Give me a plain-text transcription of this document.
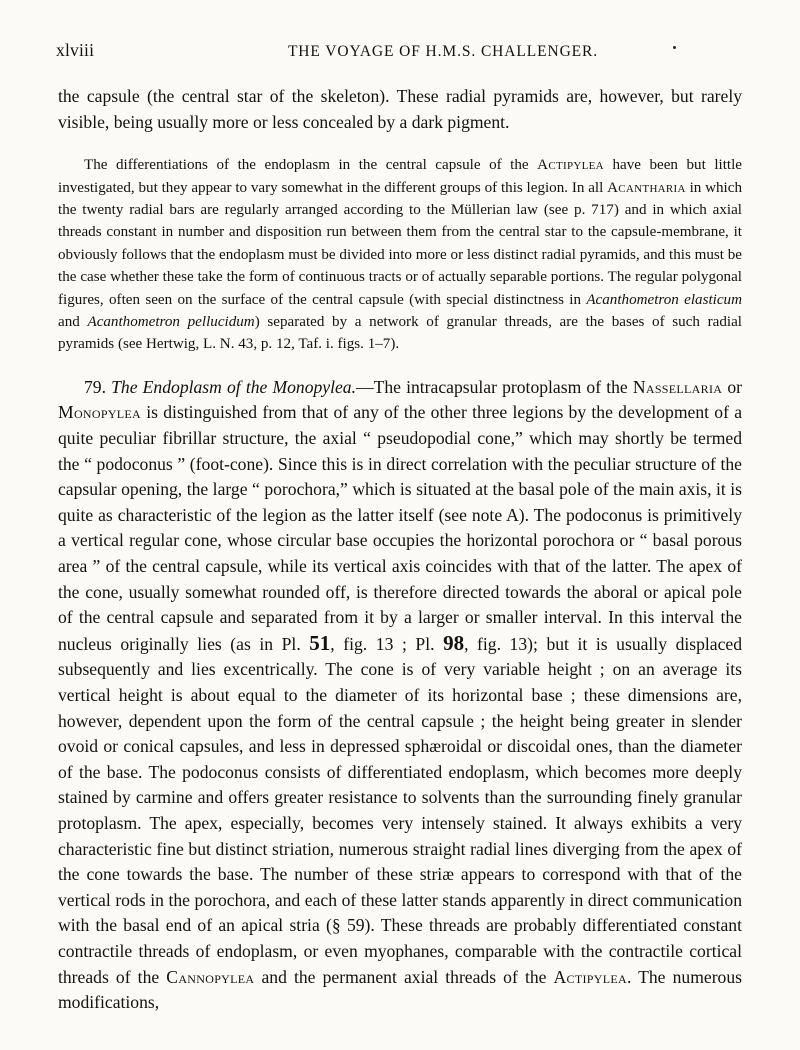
xlviii	THE VOYAGE OF H.M.S. CHALLENGER.

the capsule (the central star of the skeleton). These radial pyramids are, however, but rarely visible, being usually more or less concealed by a dark pigment.

The differentiations of the endoplasm in the central capsule of the Actipylea have been but little investigated, but they appear to vary somewhat in the different groups of this legion. In all Acantharia in which the twenty radial bars are regularly arranged according to the Müllerian law (see p. 717) and in which axial threads constant in number and disposition run between them from the central star to the capsule-membrane, it obviously follows that the endoplasm must be divided into more or less distinct radial pyramids, and this must be the case whether these take the form of continuous tracts or of actually separable portions. The regular polygonal figures, often seen on the surface of the central capsule (with special distinctness in Acanthometron elasticum and Acanthometron pellucidum) separated by a network of granular threads, are the bases of such radial pyramids (see Hertwig, L. N. 43, p. 12, Taf. i. figs. 1–7).

79. The Endoplasm of the Monopylea.—The intracapsular protoplasm of the Nassellaria or Monopylea is distinguished from that of any of the other three legions by the development of a quite peculiar fibrillar structure, the axial “ pseudopodial cone,” which may shortly be termed the “ podoconus ” (foot-cone). Since this is in direct correlation with the peculiar structure of the capsular opening, the large “ porochora,” which is situated at the basal pole of the main axis, it is quite as characteristic of the legion as the latter itself (see note A). The podoconus is primitively a vertical regular cone, whose circular base occupies the horizontal porochora or “ basal porous area ” of the central capsule, while its vertical axis coincides with that of the latter. The apex of the cone, usually somewhat rounded off, is therefore directed towards the aboral or apical pole of the central capsule and separated from it by a larger or smaller interval. In this interval the nucleus originally lies (as in Pl. 51, fig. 13 ; Pl. 98, fig. 13); but it is usually displaced subsequently and lies excentrically. The cone is of very variable height ; on an average its vertical height is about equal to the diameter of its horizontal base ; these dimensions are, however, dependent upon the form of the central capsule ; the height being greater in slender ovoid or conical capsules, and less in depressed sphæroidal or discoidal ones, than the diameter of the base. The podoconus consists of differentiated endoplasm, which becomes more deeply stained by carmine and offers greater resistance to solvents than the surrounding finely granular protoplasm. The apex, especially, becomes very intensely stained. It always exhibits a very characteristic fine but distinct striation, numerous straight radial lines diverging from the apex of the cone towards the base. The number of these striæ appears to correspond with that of the vertical rods in the porochora, and each of these latter stands apparently in direct communication with the basal end of an apical stria (§ 59). These threads are probably differentiated constant contractile threads of endoplasm, or even myophanes, comparable with the contractile cortical threads of the Cannopylea and the permanent axial threads of the Actipylea. The numerous modifications,
